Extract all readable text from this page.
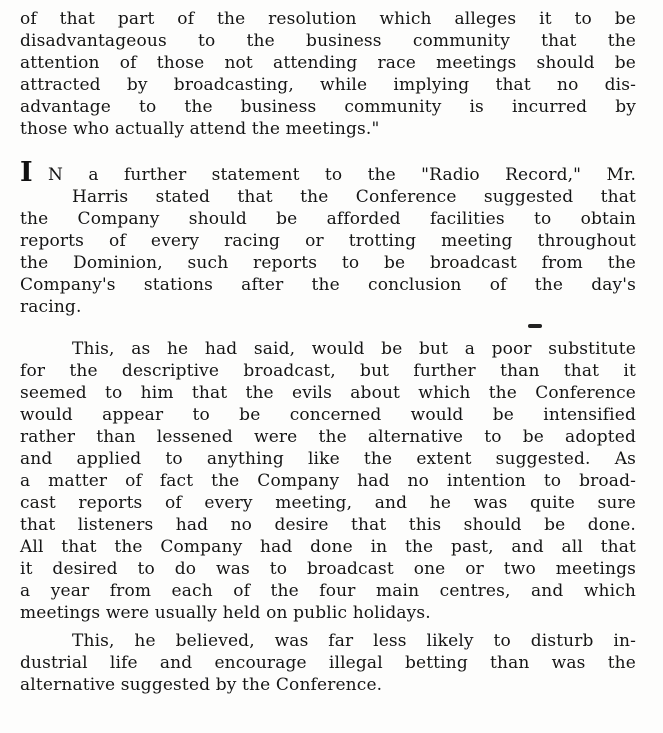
of that part of the resolution which alleges it to be
disadvantageous to the business community that the
attention of those not attending race meetings should be
attracted by broadcasting, while implying that no dis-
advantage to the business community is incurred by
those who actually attend the meetings."
I N a further statement to the "Radio Record," Mr.
Harris stated that the Conference suggested that
the Company should be afforded facilities to obtain
reports of every racing or trotting meeting throughout
the Dominion, such reports to be broadcast from the
Company's stations after the conclusion of the day's
racing.
This, as he had said, would be but a poor substitute
for the descriptive broadcast, but further than that it
seemed to him that the evils about which the Conference
would appear to be concerned would be intensified
rather than lessened were the alternative to be adopted
and applied to anything like the extent suggested. As
a matter of fact the Company had no intention to broad-
cast reports of every meeting, and he was quite sure
that listeners had no desire that this should be done.
All that the Company had done in the past, and all that
it desired to do was to broadcast one or two meetings
a year from each of the four main centres, and which
meetings were usually held on public holidays.
This, he believed, was far less likely to disturb in-
dustrial life and encourage illegal betting than was the
alternative suggested by the Conference.
